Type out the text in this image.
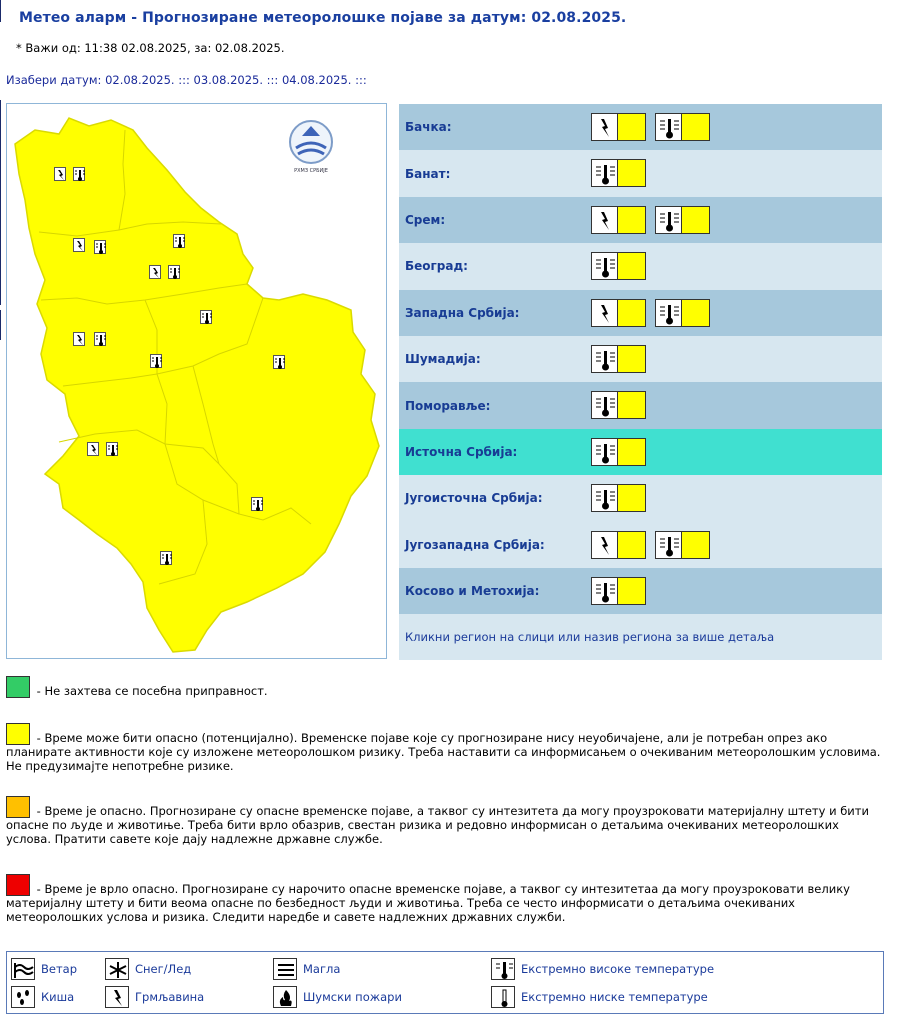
Метео аларм - Прогнозиране метеоролошке појаве за датум: 02.08.2025.
* Важи од: 11:38 02.08.2025, за: 02.08.2025.
Изабери датум: 02.08.2025. ::: 03.08.2025. ::: 04.08.2025. :::
РХМЗ СРБИЈЕ
Бачка:
Банат:
Срем:
Београд:
Западна Србија:
Шумадија:
Поморавље:
Источна Србија:
Југоисточна Србија:
Југозападна Србија:
Косово и Метохија:
Кликни регион на слици или назив региона за више детаља
- Не захтева се посебна приправност.
- Време може бити опасно (потенцијално). Временске појаве које су прогнозиране нису неуобичајене, али је потребан опрез ако планирате активности које су изложене метеоролошком ризику. Треба наставити са информисањем о очекиваним метеоролошким условима. Не предузимајте непотребне ризике.
- Време је опасно. Прогнозиране су опасне временске појаве, а таквог су интезитета да могу проузроковати материјалну штету и бити опасне по људе и животиње. Треба бити врло обазрив, свестан ризика и редовно информисан о детаљима очекиваних метеоролошких услова. Пратити савете које дају надлежне државне службе.
- Време је врло опасно. Прогнозиране су нарочито опасне временске појаве, а таквог су интезитетаа да могу проузроковати велику материјалну штету и бити веома опасне по безбедност људи и животиња. Треба се често информисати о детаљима очекиваних метеоролошких услова и ризика. Следити наредбе и савете надлежних државних служби.
Ветар
Киша
Снег/Лед
Грмљавина
Магла
Шумски пожари
Екстремно високе температуре
Екстремно ниске температуре
